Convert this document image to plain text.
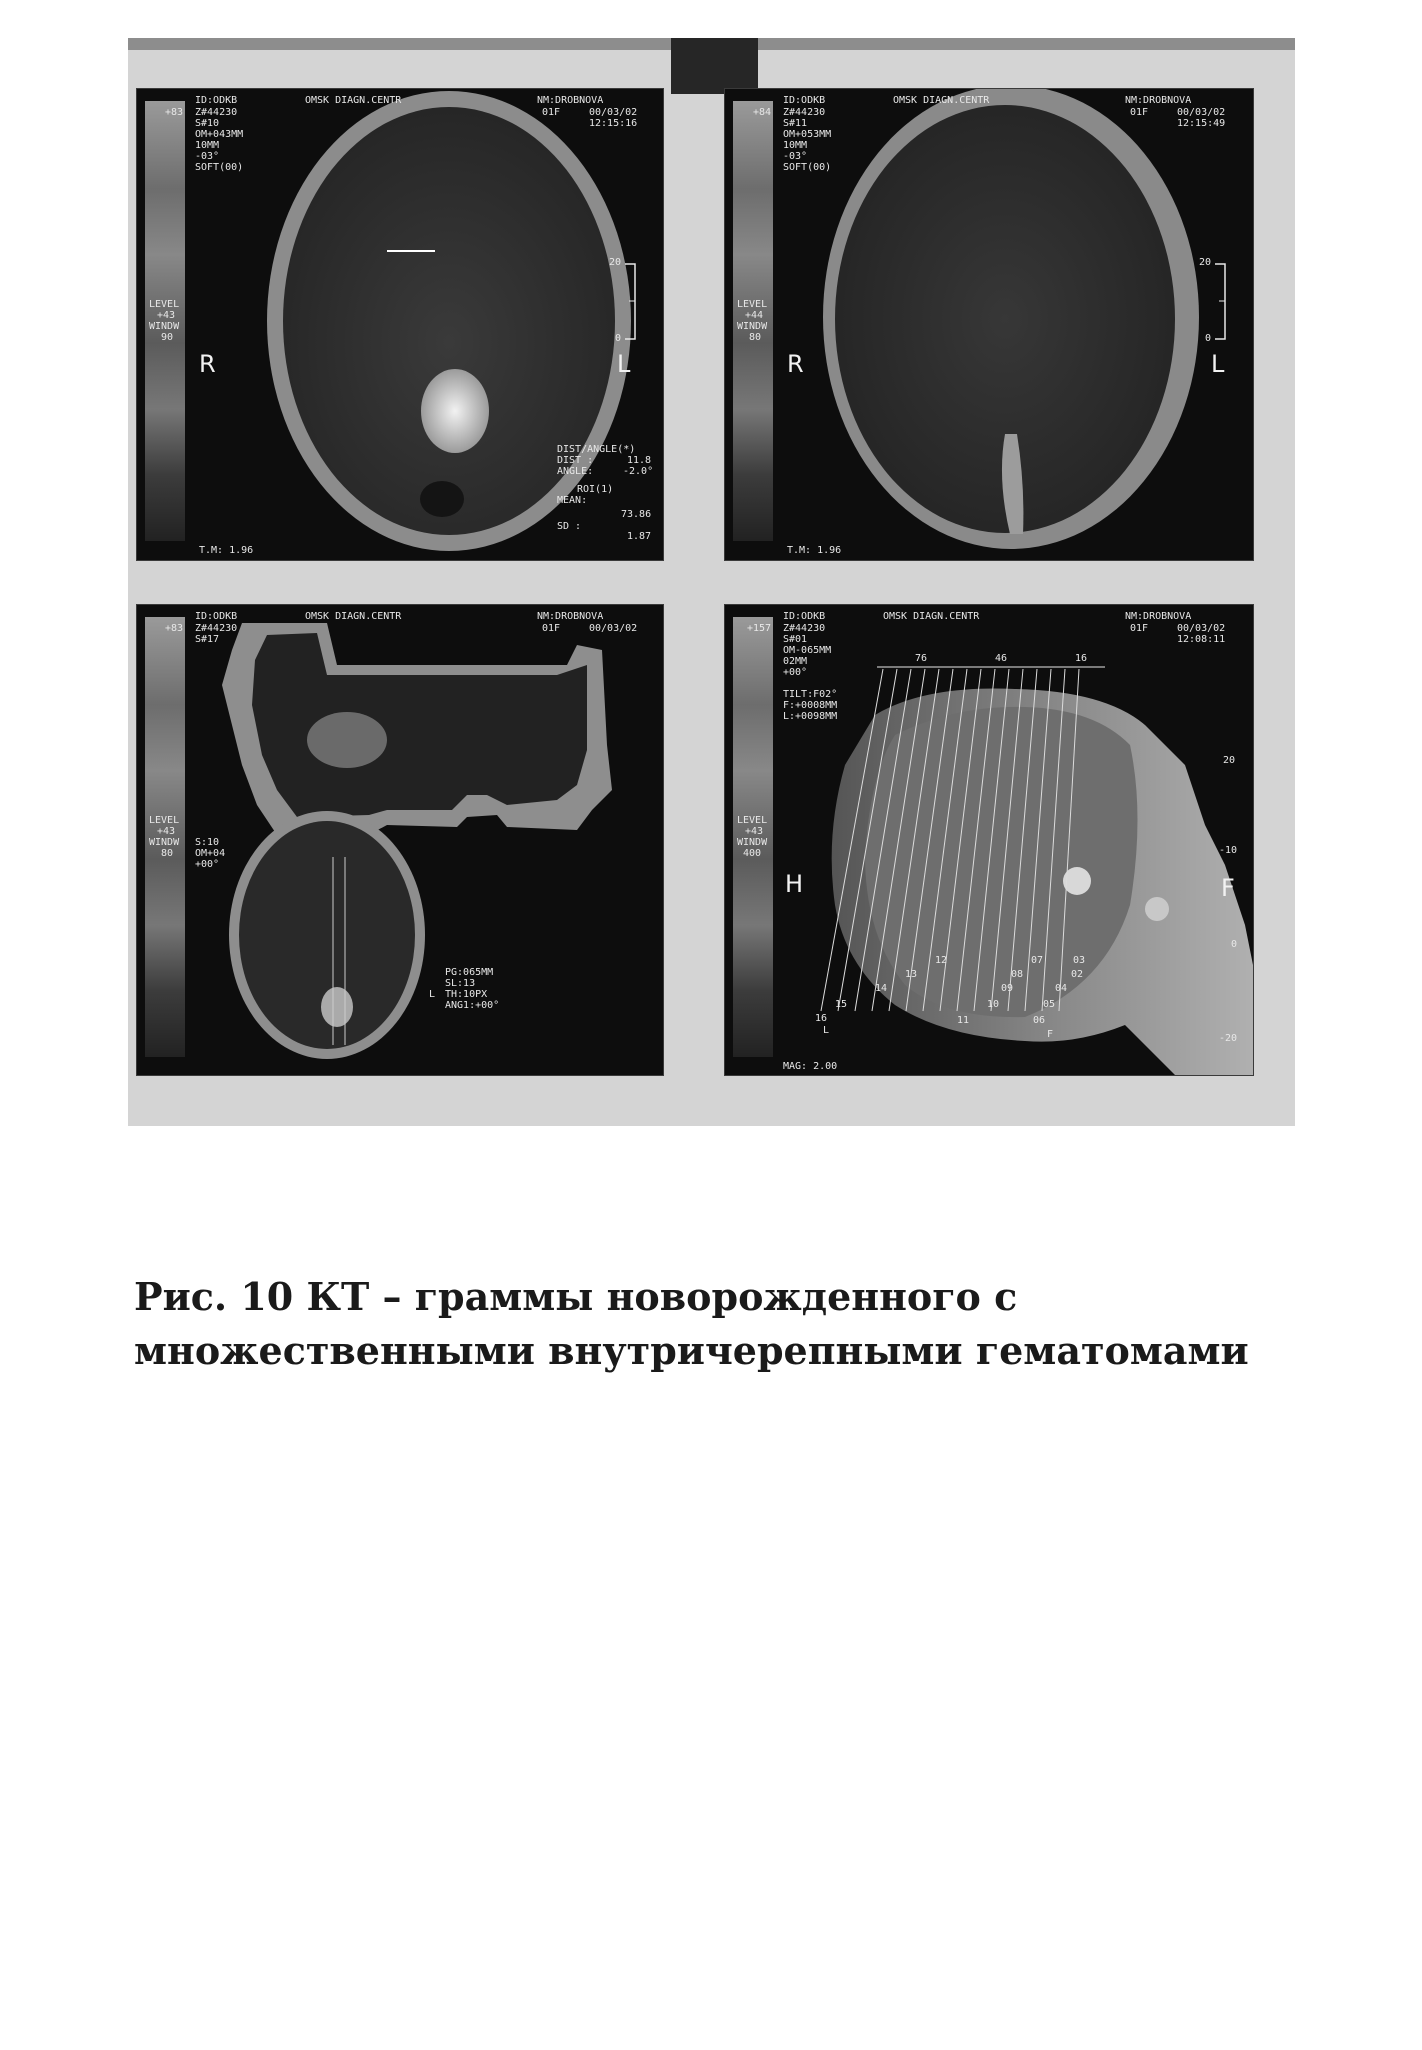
ID:ODKB	OMSK DIAGN.CENTR	NM:DROBNOVA
01F	00/03/02
12:15:16
+83 Z#44230
S#10
OM+043MM
10MM
-03°
SOFT(00)
20
0
LEVEL
+43
WINDW
90
R	L
DIST/ANGLE(*)
DIST :	11.8
ANGLE:	-2.0°
ROI(1)
MEAN:
73.86
SD :
1.87
T.M: 1.96
ID:ODKB	OMSK DIAGN.CENTR	NM:DROBNOVA
01F	00/03/02
12:15:49
+84 Z#44230
S#11
OM+053MM
10MM
-03°
SOFT(00)
20
0
LEVEL
+44
WINDW
80
R	L
T.M: 1.96
ID:ODKB	OMSK DIAGN.CENTR	NM:DROBNOVA
01F	00/03/02
+83 Z#44230
S#17
LEVEL
+43
WINDW
80
S:10
OM+04
+00°
PG:065MM
SL:13
L TH:10PX
ANG1:+00°
ID:ODKB	OMSK DIAGN.CENTR	NM:DROBNOVA
01F	00/03/02
12:08:11
+157 Z#44230
S#01
OM-065MM
02MM
+00°
TILT:F02°
F:+0008MM
L:+0098MM
76	46	16
LEVEL
+43
WINDW
400
H	F
20
-10
0
-20
16
15
14
13
12
11
10
09
08
07
06
05
04
03
02
L	F
MAG: 2.00
Рис. 10 КТ – граммы новорожденного с
множественными внутричерепными гематомами
